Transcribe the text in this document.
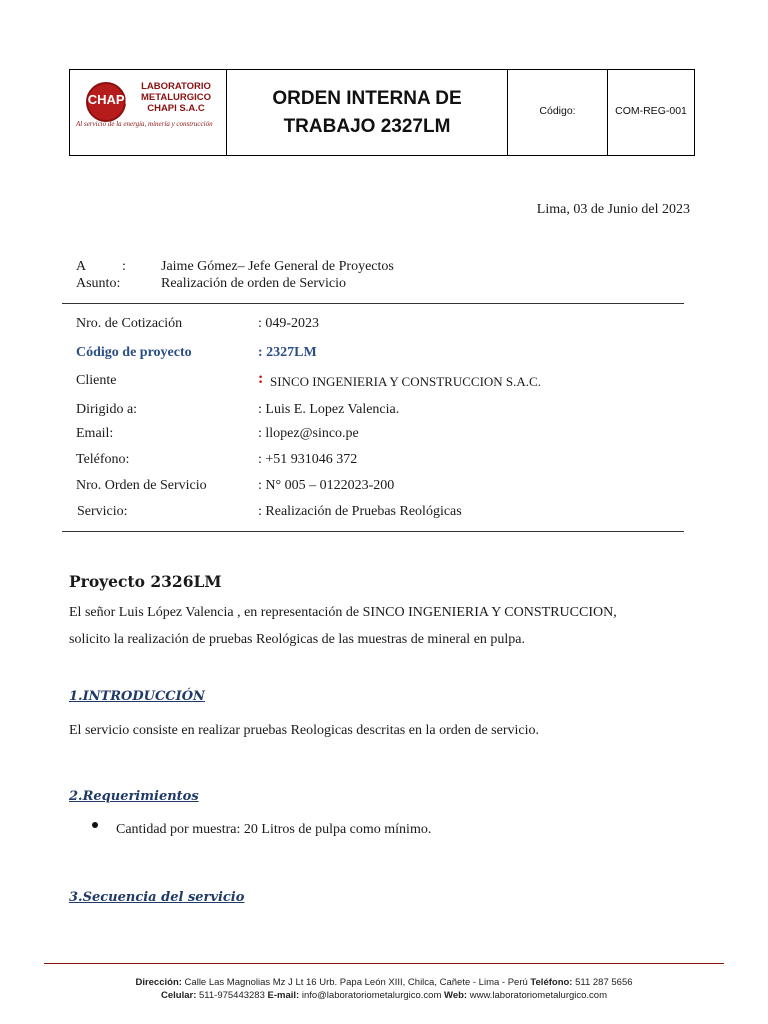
CHAPI
LABORATORIO
METALURGICO
CHAPI S.A.C
Al servicio de la energía, minería y construcción
ORDEN INTERNA DE
TRABAJO 2327LM
Código:	COM-REG-001
Lima, 03 de Junio del 2023
A	:	Jaime Gómez– Jefe General de Proyectos
Asunto:	Realización de orden de Servicio
Nro. de Cotización	: 049-2023
Código de proyecto	: 2327LM
Cliente	: SINCO INGENIERIA Y CONSTRUCCION S.A.C.
Dirigido a:	: Luis E. Lopez Valencia.
Email:	: llopez@sinco.pe
Teléfono:	: +51 931046 372
Nro. Orden de Servicio	: N° 005 – 0122023-200
Servicio:	: Realización de Pruebas Reológicas
Proyecto 2326LM
El señor Luis López Valencia , en representación de SINCO INGENIERIA Y CONSTRUCCION,
solicito la realización de pruebas Reológicas de las muestras de mineral en pulpa.
1.INTRODUCCIÓN
El servicio consiste en realizar pruebas Reologicas descritas en la orden de servicio.
2.Requerimientos
Cantidad por muestra: 20 Litros de pulpa como mínimo.
3.Secuencia del servicio
Dirección: Calle Las Magnolias Mz J Lt 16 Urb. Papa León XIII, Chilca, Cañete - Lima - Perú Teléfono: 511 287 5656
Celular: 511-975443283 E-mail: info@laboratoriometalurgico.com Web: www.laboratoriometalurgico.com
